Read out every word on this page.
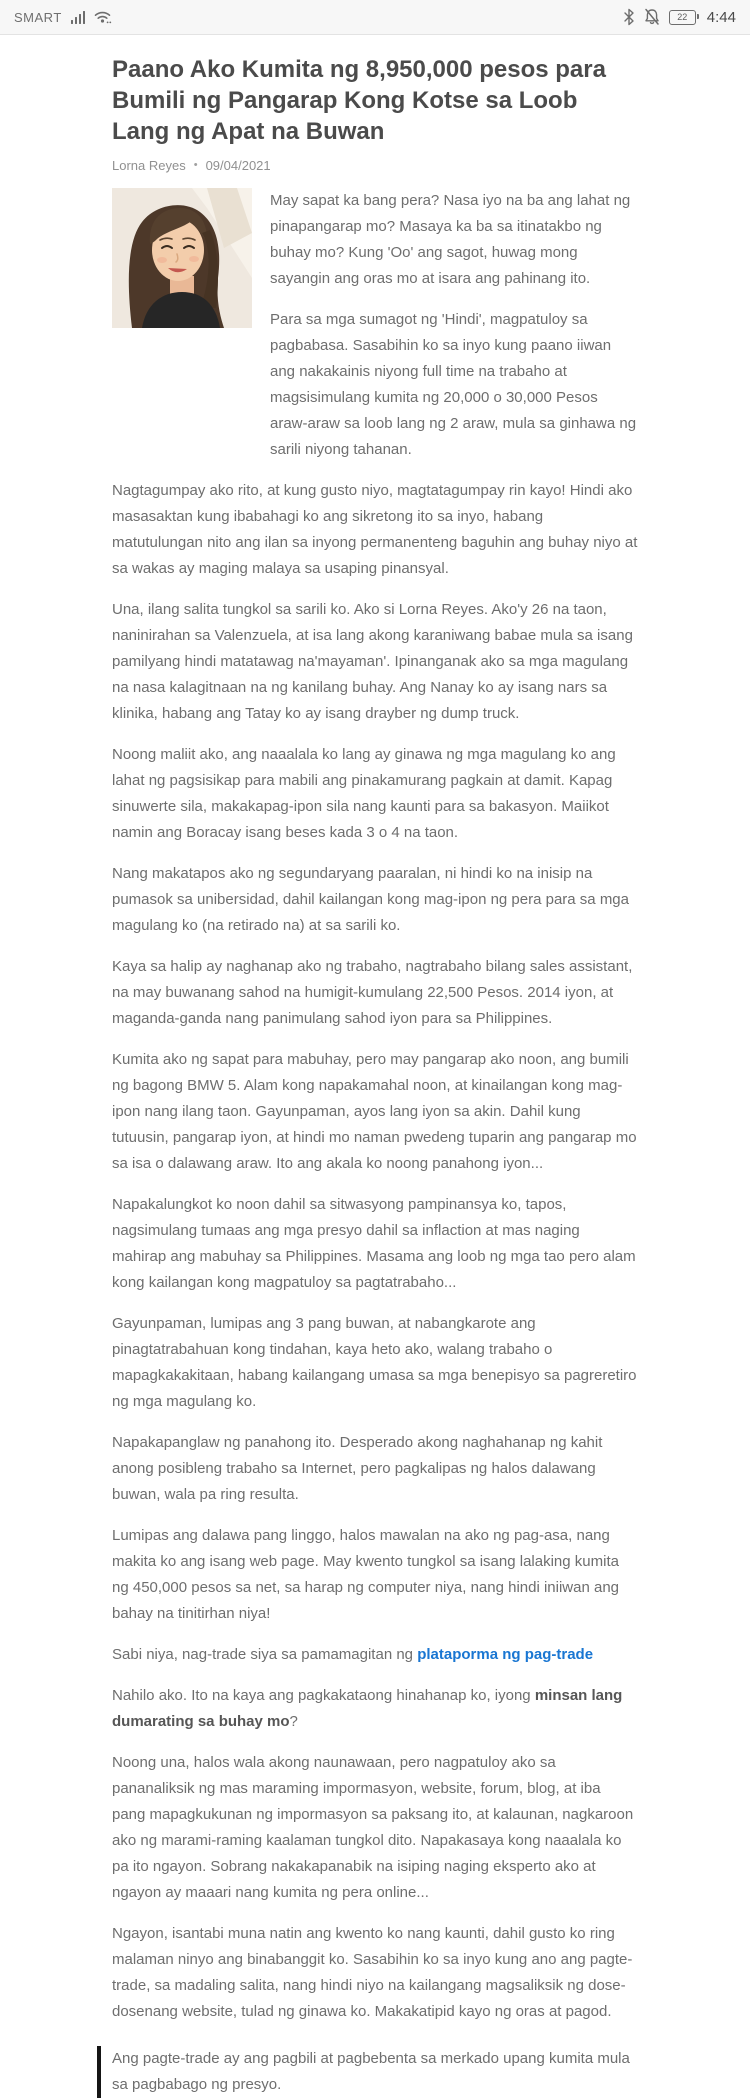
SMART	22 4:44
Paano Ako Kumita ng 8,950,000 pesos para Bumili ng Pangarap Kong Kotse sa Loob Lang ng Apat na Buwan
Lorna Reyes • 09/04/2021

May sapat ka bang pera? Nasa iyo na ba ang lahat ng pinapangarap mo? Masaya ka ba sa itinatakbo ng buhay mo? Kung 'Oo' ang sagot, huwag mong sayangin ang oras mo at isara ang pahinang ito.

Para sa mga sumagot ng 'Hindi', magpatuloy sa pagbabasa. Sasabihin ko sa inyo kung paano iiwan ang nakakainis niyong full time na trabaho at magsisimulang kumita ng 20,000 o 30,000 Pesos araw-araw sa loob lang ng 2 araw, mula sa ginhawa ng sarili niyong tahanan.

Nagtagumpay ako rito, at kung gusto niyo, magtatagumpay rin kayo! Hindi ako masasaktan kung ibabahagi ko ang sikretong ito sa inyo, habang matutulungan nito ang ilan sa inyong permanenteng baguhin ang buhay niyo at sa wakas ay maging malaya sa usaping pinansyal.

Una, ilang salita tungkol sa sarili ko. Ako si Lorna Reyes. Ako'y 26 na taon, naninirahan sa Valenzuela, at isa lang akong karaniwang babae mula sa isang pamilyang hindi matatawag na'mayaman'. Ipinanganak ako sa mga magulang na nasa kalagitnaan na ng kanilang buhay. Ang Nanay ko ay isang nars sa klinika, habang ang Tatay ko ay isang drayber ng dump truck.

Noong maliit ako, ang naaalala ko lang ay ginawa ng mga magulang ko ang lahat ng pagsisikap para mabili ang pinakamurang pagkain at damit. Kapag sinuwerte sila, makakapag-ipon sila nang kaunti para sa bakasyon. Maiikot namin ang Boracay isang beses kada 3 o 4 na taon.

Nang makatapos ako ng segundaryang paaralan, ni hindi ko na inisip na pumasok sa unibersidad, dahil kailangan kong mag-ipon ng pera para sa mga magulang ko (na retirado na) at sa sarili ko.

Kaya sa halip ay naghanap ako ng trabaho, nagtrabaho bilang sales assistant, na may buwanang sahod na humigit-kumulang 22,500 Pesos. 2014 iyon, at maganda-ganda nang panimulang sahod iyon para sa Philippines.

Kumita ako ng sapat para mabuhay, pero may pangarap ako noon, ang bumili ng bagong BMW 5. Alam kong napakamahal noon, at kinailangan kong mag-ipon nang ilang taon. Gayunpaman, ayos lang iyon sa akin. Dahil kung tutuusin, pangarap iyon, at hindi mo naman pwedeng tuparin ang pangarap mo sa isa o dalawang araw. Ito ang akala ko noong panahong iyon...

Napakalungkot ko noon dahil sa sitwasyong pampinansya ko, tapos, nagsimulang tumaas ang mga presyo dahil sa inflaction at mas naging mahirap ang mabuhay sa Philippines. Masama ang loob ng mga tao pero alam kong kailangan kong magpatuloy sa pagtatrabaho...

Gayunpaman, lumipas ang 3 pang buwan, at nabangkarote ang pinagtatrabahuan kong tindahan, kaya heto ako, walang trabaho o mapagkakakitaan, habang kailangang umasa sa mga benepisyo sa pagreretiro ng mga magulang ko.

Napakapanglaw ng panahong ito. Desperado akong naghahanap ng kahit anong posibleng trabaho sa Internet, pero pagkalipas ng halos dalawang buwan, wala pa ring resulta.

Lumipas ang dalawa pang linggo, halos mawalan na ako ng pag-asa, nang makita ko ang isang web page. May kwento tungkol sa isang lalaking kumita ng 450,000 pesos sa net, sa harap ng computer niya, nang hindi iniiwan ang bahay na tinitirhan niya!

Sabi niya, nag-trade siya sa pamamagitan ng plataporma ng pag-trade

Nahilo ako. Ito na kaya ang pagkakataong hinahanap ko, iyong minsan lang dumarating sa buhay mo?

Noong una, halos wala akong naunawaan, pero nagpatuloy ako sa pananaliksik ng mas maraming impormasyon, website, forum, blog, at iba pang mapagkukunan ng impormasyon sa paksang ito, at kalaunan, nagkaroon ako ng marami-raming kaalaman tungkol dito. Napakasaya kong naaalala ko pa ito ngayon. Sobrang nakakapanabik na isiping naging eksperto ako at ngayon ay maaari nang kumita ng pera online...

Ngayon, isantabi muna natin ang kwento ko nang kaunti, dahil gusto ko ring malaman ninyo ang binabanggit ko. Sasabihin ko sa inyo kung ano ang pagte-trade, sa madaling salita, nang hindi niyo na kailangang magsaliksik ng dose-dosenang website, tulad ng ginawa ko. Makakatipid kayo ng oras at pagod.

Ang pagte-trade ay ang pagbili at pagbebenta sa merkado upang kumita mula sa pagbabago ng presyo.
